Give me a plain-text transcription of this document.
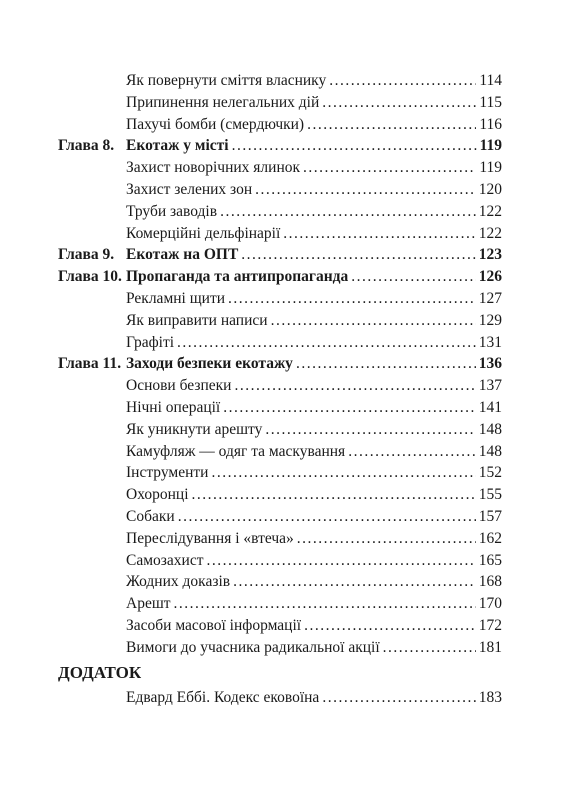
Як повернути сміття власнику .....	114
Припинення нелегальних дій .....	115
Пахучі бомби (смердючки) .....	116
Глава 8. Екотаж у місті .....	119
Захист новорічних ялинок .....	119
Захист зелених зон .....	120
Труби заводів .....	122
Комерційні дельфінарії .....	122
Глава 9. Екотаж на ОПТ .....	123
Глава 10. Пропаганда та антипропаганда .....	126
Рекламні щити .....	127
Як виправити написи .....	129
Графіті .....	131
Глава 11. Заходи безпеки екотажу .....	136
Основи безпеки .....	137
Нічні операції .....	141
Як уникнути арешту .....	148
Камуфляж — одяг та маскування .....	148
Інструменти .....	152
Охоронці .....	155
Собаки .....	157
Переслідування і «втеча» .....	162
Самозахист .....	165
Жодних доказів .....	168
Арешт .....	170
Засоби масової інформації .....	172
Вимоги до учасника радикальної акції .....	181
ДОДАТОК
Едвард Еббі. Кодекс ековоїна .....	183
